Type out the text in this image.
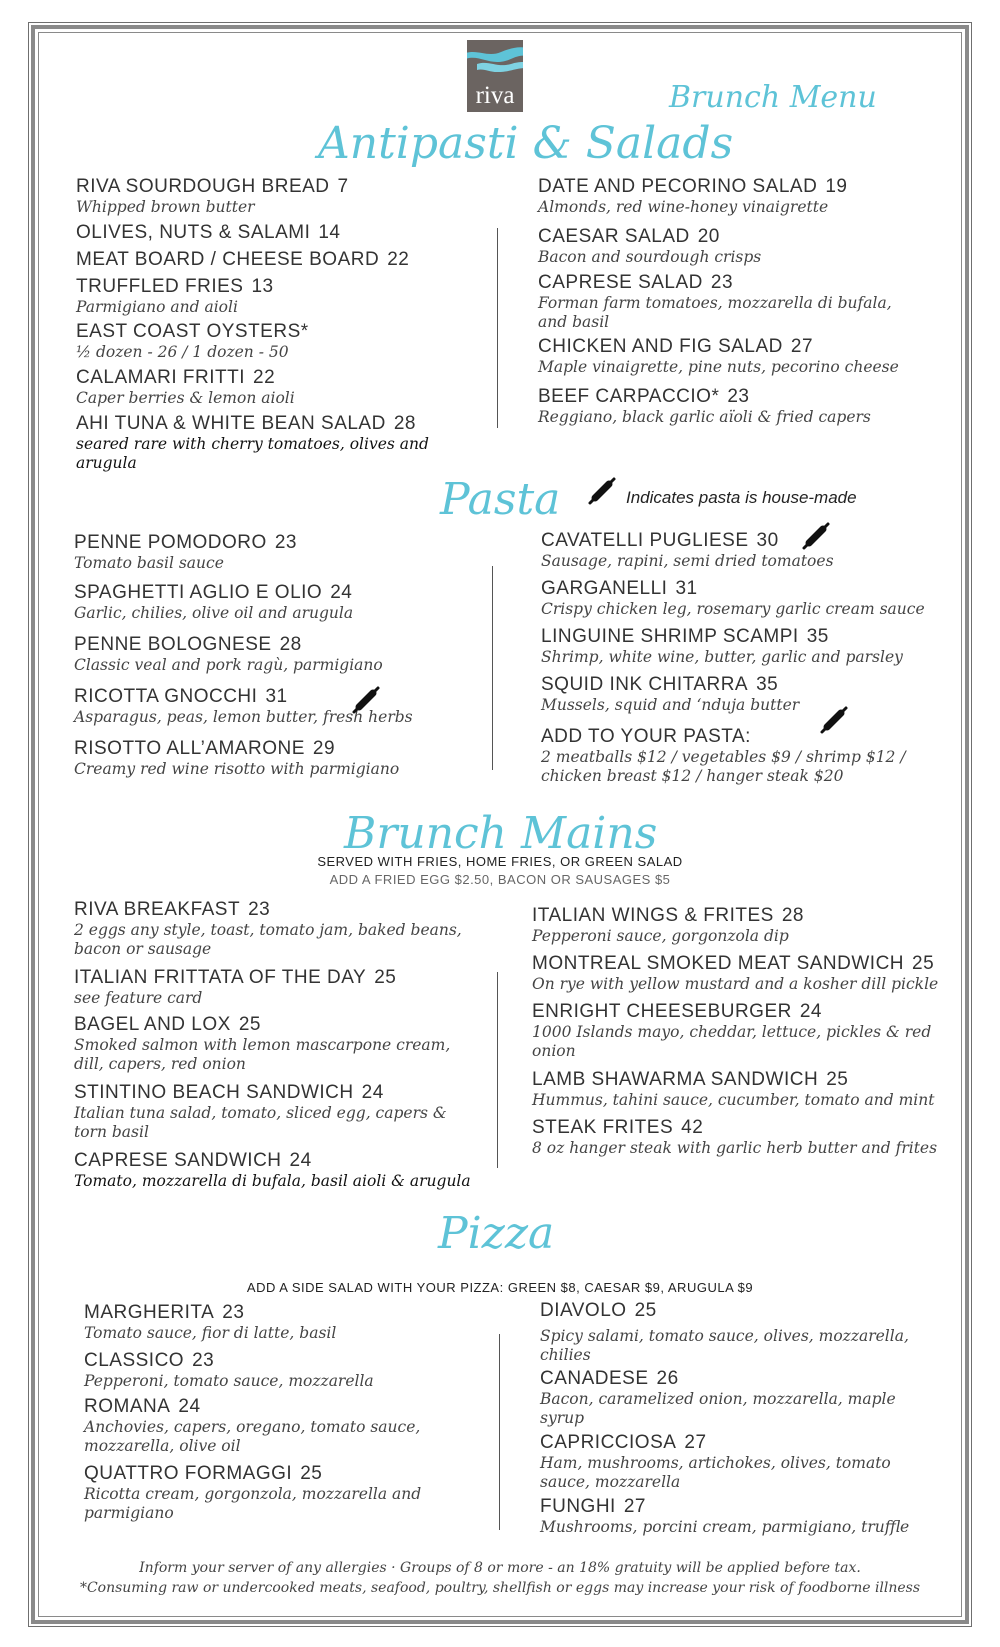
riva	Brunch Menu
Antipasti & Salads
RIVA SOURDOUGH BREAD 7
Whipped brown butter
OLIVES, NUTS & SALAMI 14
MEAT BOARD / CHEESE BOARD 22
TRUFFLED FRIES 13
Parmigiano and aioli
EAST COAST OYSTERS*
½ dozen - 26 / 1 dozen - 50
CALAMARI FRITTI 22
Caper berries & lemon aioli
AHI TUNA & WHITE BEAN SALAD 28
seared rare with cherry tomatoes, olives and arugula
DATE AND PECORINO SALAD 19
Almonds, red wine-honey vinaigrette
CAESAR SALAD 20
Bacon and sourdough crisps
CAPRESE SALAD 23
Forman farm tomatoes, mozzarella di bufala, and basil
CHICKEN AND FIG SALAD 27
Maple vinaigrette, pine nuts, pecorino cheese
BEEF CARPACCIO* 23
Reggiano, black garlic aïoli & fried capers
Pasta	Indicates pasta is house-made
PENNE POMODORO 23
Tomato basil sauce
SPAGHETTI AGLIO E OLIO 24
Garlic, chilies, olive oil and arugula
PENNE BOLOGNESE 28
Classic veal and pork ragù, parmigiano
RICOTTA GNOCCHI 31
Asparagus, peas, lemon butter, fresh herbs
RISOTTO ALL’AMARONE 29
Creamy red wine risotto with parmigiano
CAVATELLI PUGLIESE 30
Sausage, rapini, semi dried tomatoes
GARGANELLI 31
Crispy chicken leg, rosemary garlic cream sauce
LINGUINE SHRIMP SCAMPI 35
Shrimp, white wine, butter, garlic and parsley
SQUID INK CHITARRA 35
Mussels, squid and ‘nduja butter
ADD TO YOUR PASTA:
2 meatballs $12 / vegetables $9 / shrimp $12 / chicken breast $12 / hanger steak $20
Brunch Mains
SERVED WITH FRIES, HOME FRIES, OR GREEN SALAD
ADD A FRIED EGG $2.50, BACON OR SAUSAGES $5
RIVA BREAKFAST 23
2 eggs any style, toast, tomato jam, baked beans, bacon or sausage
ITALIAN FRITTATA OF THE DAY 25
see feature card
BAGEL AND LOX 25
Smoked salmon with lemon mascarpone cream, dill, capers, red onion
STINTINO BEACH SANDWICH 24
Italian tuna salad, tomato, sliced egg, capers & torn basil
CAPRESE SANDWICH 24
Tomato, mozzarella di bufala, basil aioli & arugula
ITALIAN WINGS & FRITES 28
Pepperoni sauce, gorgonzola dip
MONTREAL SMOKED MEAT SANDWICH 25
On rye with yellow mustard and a kosher dill pickle
ENRIGHT CHEESEBURGER 24
1000 Islands mayo, cheddar, lettuce, pickles & red onion
LAMB SHAWARMA SANDWICH 25
Hummus, tahini sauce, cucumber, tomato and mint
STEAK FRITES 42
8 oz hanger steak with garlic herb butter and frites
Pizza
ADD A SIDE SALAD WITH YOUR PIZZA: GREEN $8, CAESAR $9, ARUGULA $9
MARGHERITA 23
Tomato sauce, fior di latte, basil
CLASSICO 23
Pepperoni, tomato sauce, mozzarella
ROMANA 24
Anchovies, capers, oregano, tomato sauce, mozzarella, olive oil
QUATTRO FORMAGGI 25
Ricotta cream, gorgonzola, mozzarella and parmigiano
DIAVOLO 25
Spicy salami, tomato sauce, olives, mozzarella, chilies
CANADESE 26
Bacon, caramelized onion, mozzarella, maple syrup
CAPRICCIOSA 27
Ham, mushrooms, artichokes, olives, tomato sauce, mozzarella
FUNGHI 27
Mushrooms, porcini cream, parmigiano, truffle
Inform your server of any allergies · Groups of 8 or more - an 18% gratuity will be applied before tax.
*Consuming raw or undercooked meats, seafood, poultry, shellfish or eggs may increase your risk of foodborne illness
